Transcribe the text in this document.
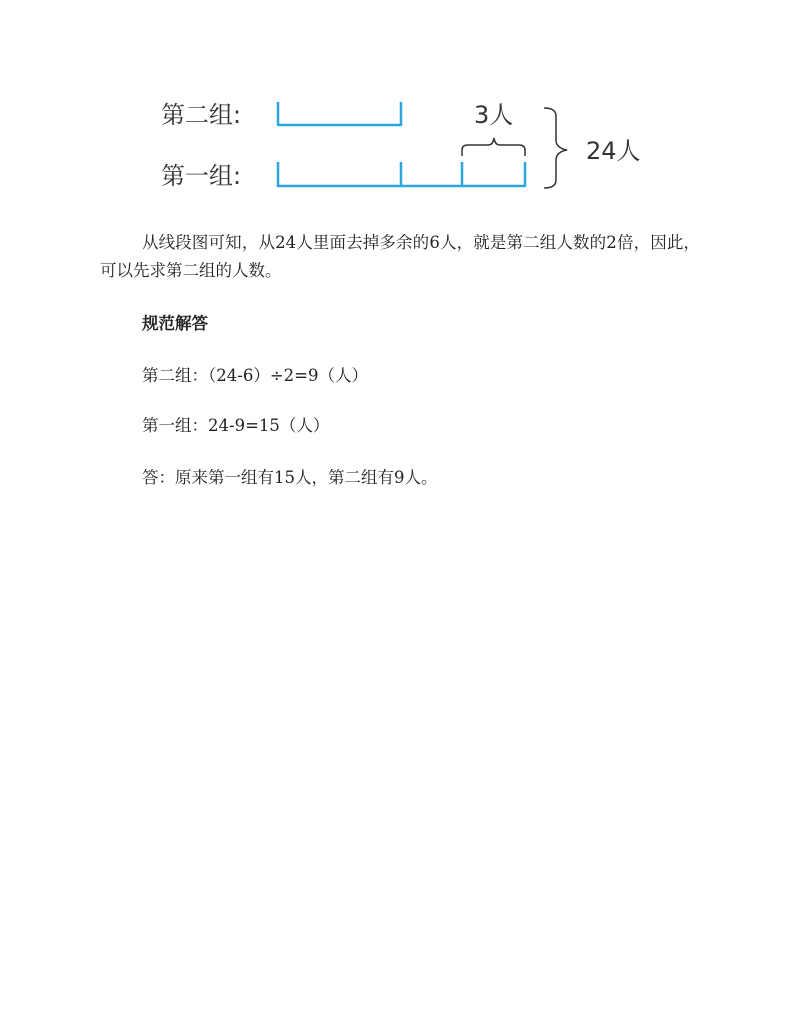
第二组:
第一组:
3人
24人

从线段图可知，从24人里面去掉多余的6人，就是第二组人数的2倍，因此，可以先求第二组的人数。

规范解答
第二组：（24-6）÷2=9（人）
第一组：24-9=15（人）
答：原来第一组有15人，第二组有9人。
